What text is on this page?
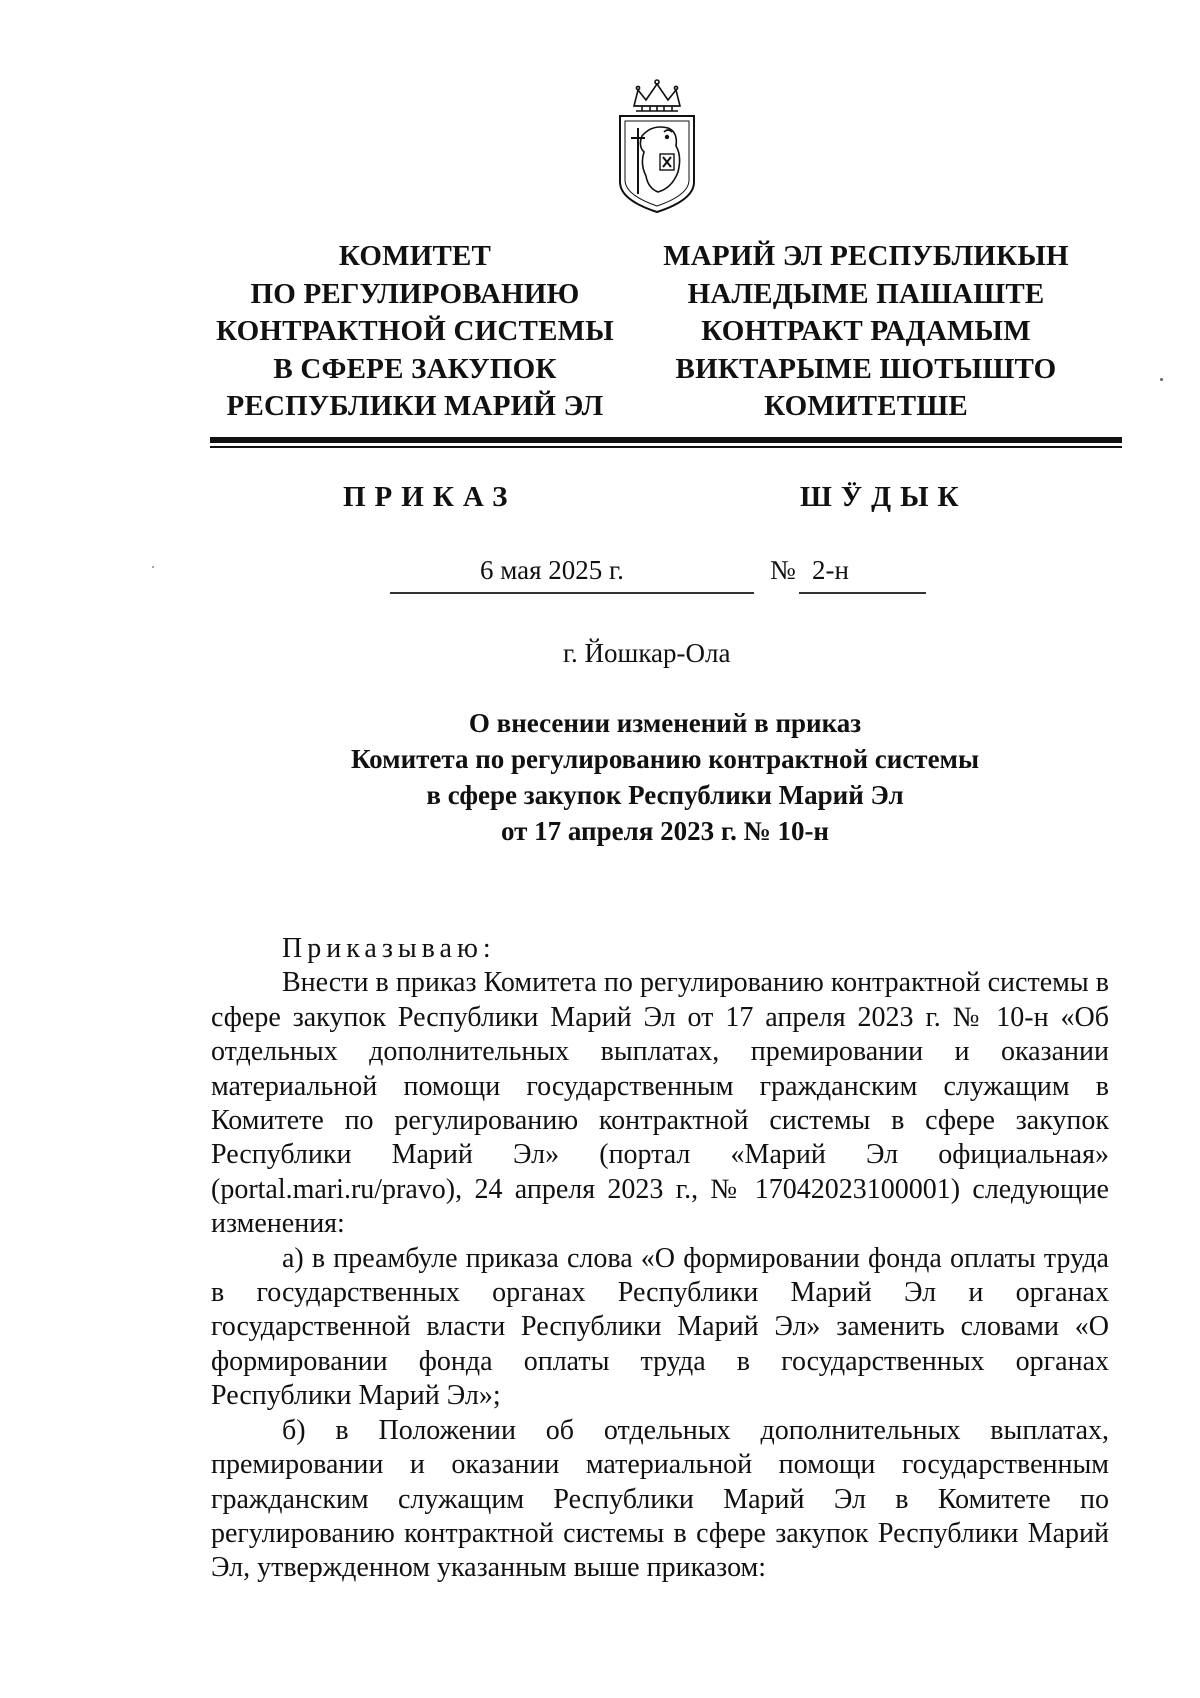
КОМИТЕТ
ПО РЕГУЛИРОВАНИЮ
КОНТРАКТНОЙ СИСТЕМЫ
В СФЕРЕ ЗАКУПОК
РЕСПУБЛИКИ МАРИЙ ЭЛ
МАРИЙ ЭЛ РЕСПУБЛИКЫН
НАЛЕДЫМЕ ПАШАШТЕ
КОНТРАКТ РАДАМЫМ
ВИКТАРЫМЕ ШОТЫШТО
КОМИТЕТШЕ
ПРИКАЗ	ШӰДЫК
6 мая 2025 г.	№ 2-н
г. Йошкар-Ола
О внесении изменений в приказ
Комитета по регулированию контрактной системы
в сфере закупок Республики Марий Эл
от 17 апреля 2023 г. № 10-н

Приказываю:

Внести в приказ Комитета по регулированию контрактной системы в сфере закупок Республики Марий Эл от 17 апреля 2023 г. № 10-н «Об отдельных дополнительных выплатах, премировании и оказании материальной помощи государственным гражданским служащим в Комитете по регулированию контрактной системы в сфере закупок Республики Марий Эл» (портал «Марий Эл официальная» (portal.mari.ru/pravo), 24 апреля 2023 г., № 17042023100001) следующие изменения:

а) в преамбуле приказа слова «О формировании фонда оплаты труда в государственных органах Республики Марий Эл и органах государственной власти Республики Марий Эл» заменить словами «О формировании фонда оплаты труда в государственных органах Республики Марий Эл»;

б) в Положении об отдельных дополнительных выплатах, премировании и оказании материальной помощи государственным гражданским служащим Республики Марий Эл в Комитете по регулированию контрактной системы в сфере закупок Республики Марий Эл, утвержденном указанным выше приказом:
